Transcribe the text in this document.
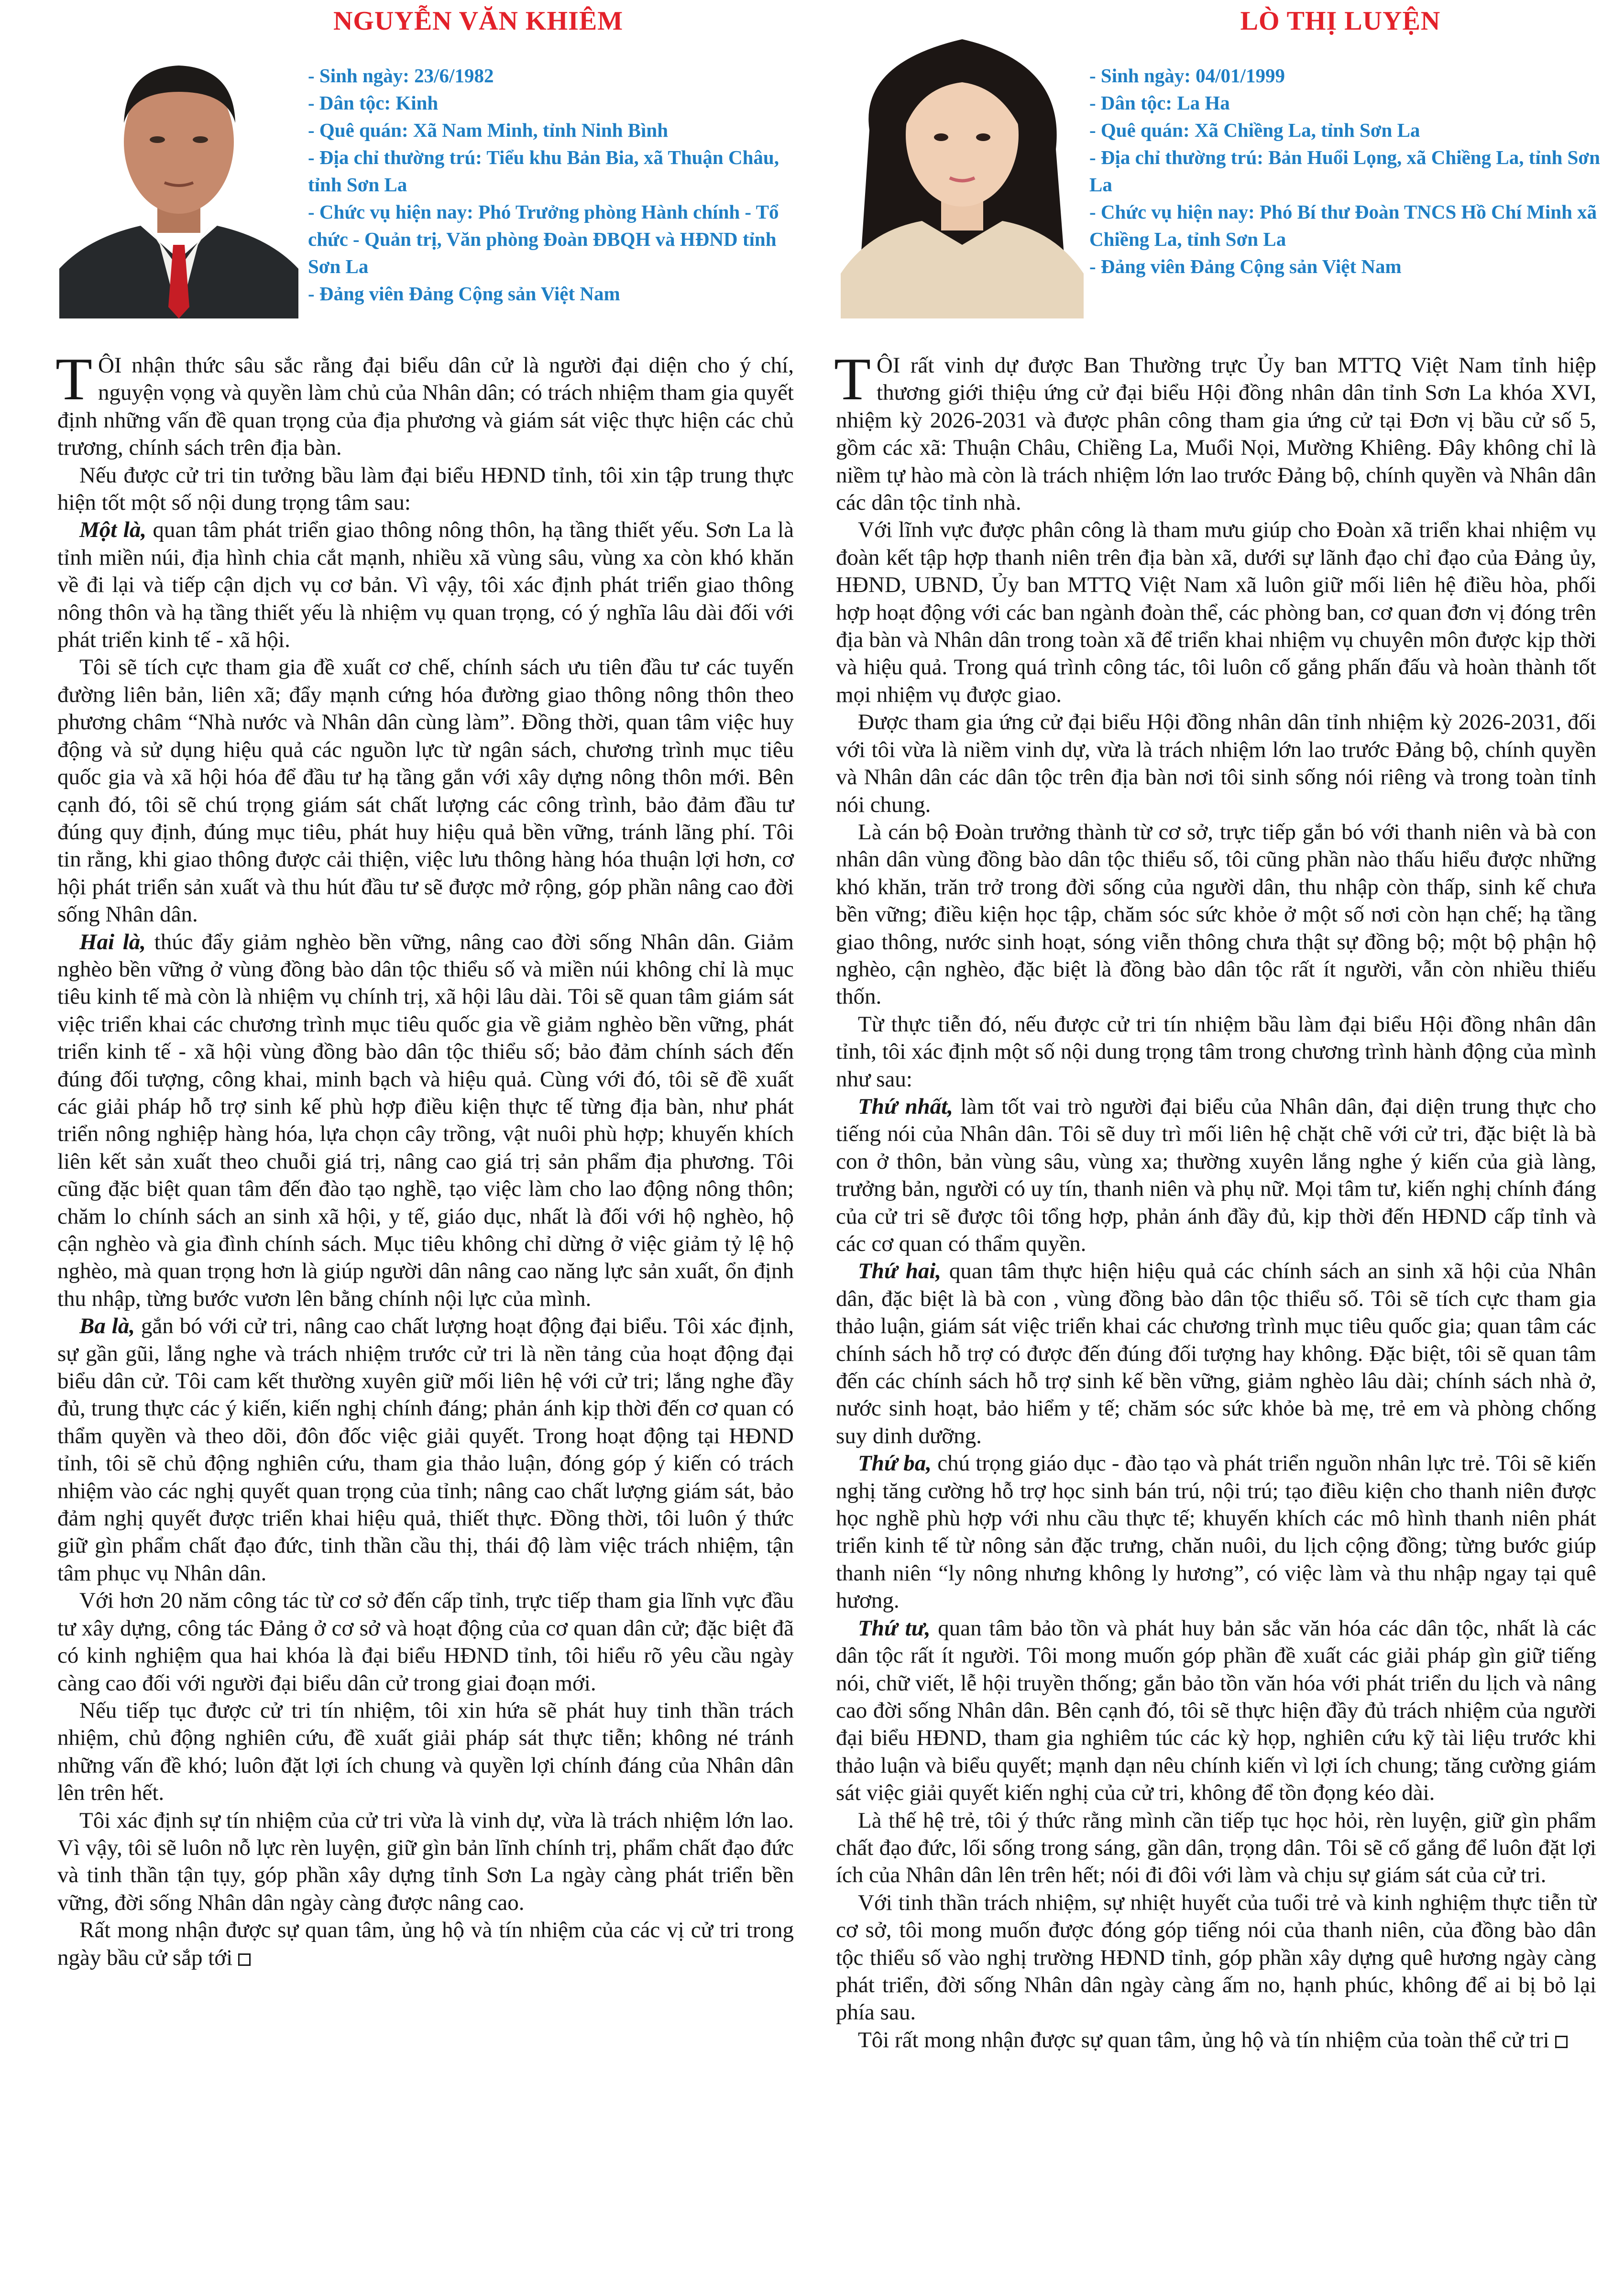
NGUYỄN VĂN KHIÊM
- Sinh ngày: 23/6/1982
- Dân tộc: Kinh
- Quê quán: Xã Nam Minh, tỉnh Ninh Bình
- Địa chỉ thường trú: Tiểu khu Bản Bia, xã Thuận Châu, tỉnh Sơn La
- Chức vụ hiện nay: Phó Trưởng phòng Hành chính - Tổ chức - Quản trị, Văn phòng Đoàn ĐBQH và HĐND tỉnh Sơn La
- Đảng viên Đảng Cộng sản Việt Nam
LÒ THỊ LUYỆN
- Sinh ngày: 04/01/1999
- Dân tộc: La Ha
- Quê quán: Xã Chiềng La, tỉnh Sơn La
- Địa chỉ thường trú: Bản Huổi Lọng, xã Chiềng La, tỉnh Sơn La
- Chức vụ hiện nay: Phó Bí thư Đoàn TNCS Hồ Chí Minh xã Chiềng La, tỉnh Sơn La
- Đảng viên Đảng Cộng sản Việt Nam

TÔI nhận thức sâu sắc rằng đại biểu dân cử là người đại diện cho ý chí, nguyện vọng và quyền làm chủ của Nhân dân; có trách nhiệm tham gia quyết định những vấn đề quan trọng của địa phương và giám sát việc thực hiện các chủ trương, chính sách trên địa bàn.

Nếu được cử tri tin tưởng bầu làm đại biểu HĐND tỉnh, tôi xin tập trung thực hiện tốt một số nội dung trọng tâm sau:

Một là, quan tâm phát triển giao thông nông thôn, hạ tầng thiết yếu. Sơn La là tỉnh miền núi, địa hình chia cắt mạnh, nhiều xã vùng sâu, vùng xa còn khó khăn về đi lại và tiếp cận dịch vụ cơ bản. Vì vậy, tôi xác định phát triển giao thông nông thôn và hạ tầng thiết yếu là nhiệm vụ quan trọng, có ý nghĩa lâu dài đối với phát triển kinh tế - xã hội.

Tôi sẽ tích cực tham gia đề xuất cơ chế, chính sách ưu tiên đầu tư các tuyến đường liên bản, liên xã; đẩy mạnh cứng hóa đường giao thông nông thôn theo phương châm “Nhà nước và Nhân dân cùng làm”. Đồng thời, quan tâm việc huy động và sử dụng hiệu quả các nguồn lực từ ngân sách, chương trình mục tiêu quốc gia và xã hội hóa để đầu tư hạ tầng gắn với xây dựng nông thôn mới. Bên cạnh đó, tôi sẽ chú trọng giám sát chất lượng các công trình, bảo đảm đầu tư đúng quy định, đúng mục tiêu, phát huy hiệu quả bền vững, tránh lãng phí. Tôi tin rằng, khi giao thông được cải thiện, việc lưu thông hàng hóa thuận lợi hơn, cơ hội phát triển sản xuất và thu hút đầu tư sẽ được mở rộng, góp phần nâng cao đời sống Nhân dân.

Hai là, thúc đẩy giảm nghèo bền vững, nâng cao đời sống Nhân dân. Giảm nghèo bền vững ở vùng đồng bào dân tộc thiểu số và miền núi không chỉ là mục tiêu kinh tế mà còn là nhiệm vụ chính trị, xã hội lâu dài. Tôi sẽ quan tâm giám sát việc triển khai các chương trình mục tiêu quốc gia về giảm nghèo bền vững, phát triển kinh tế - xã hội vùng đồng bào dân tộc thiểu số; bảo đảm chính sách đến đúng đối tượng, công khai, minh bạch và hiệu quả. Cùng với đó, tôi sẽ đề xuất các giải pháp hỗ trợ sinh kế phù hợp điều kiện thực tế từng địa bàn, như phát triển nông nghiệp hàng hóa, lựa chọn cây trồng, vật nuôi phù hợp; khuyến khích liên kết sản xuất theo chuỗi giá trị, nâng cao giá trị sản phẩm địa phương. Tôi cũng đặc biệt quan tâm đến đào tạo nghề, tạo việc làm cho lao động nông thôn; chăm lo chính sách an sinh xã hội, y tế, giáo dục, nhất là đối với hộ nghèo, hộ cận nghèo và gia đình chính sách. Mục tiêu không chỉ dừng ở việc giảm tỷ lệ hộ nghèo, mà quan trọng hơn là giúp người dân nâng cao năng lực sản xuất, ổn định thu nhập, từng bước vươn lên bằng chính nội lực của mình.

Ba là, gắn bó với cử tri, nâng cao chất lượng hoạt động đại biểu. Tôi xác định, sự gần gũi, lắng nghe và trách nhiệm trước cử tri là nền tảng của hoạt động đại biểu dân cử. Tôi cam kết thường xuyên giữ mối liên hệ với cử tri; lắng nghe đầy đủ, trung thực các ý kiến, kiến nghị chính đáng; phản ánh kịp thời đến cơ quan có thẩm quyền và theo dõi, đôn đốc việc giải quyết. Trong hoạt động tại HĐND tỉnh, tôi sẽ chủ động nghiên cứu, tham gia thảo luận, đóng góp ý kiến có trách nhiệm vào các nghị quyết quan trọng của tỉnh; nâng cao chất lượng giám sát, bảo đảm nghị quyết được triển khai hiệu quả, thiết thực. Đồng thời, tôi luôn ý thức giữ gìn phẩm chất đạo đức, tinh thần cầu thị, thái độ làm việc trách nhiệm, tận tâm phục vụ Nhân dân.

Với hơn 20 năm công tác từ cơ sở đến cấp tỉnh, trực tiếp tham gia lĩnh vực đầu tư xây dựng, công tác Đảng ở cơ sở và hoạt động của cơ quan dân cử; đặc biệt đã có kinh nghiệm qua hai khóa là đại biểu HĐND tỉnh, tôi hiểu rõ yêu cầu ngày càng cao đối với người đại biểu dân cử trong giai đoạn mới.

Nếu tiếp tục được cử tri tín nhiệm, tôi xin hứa sẽ phát huy tinh thần trách nhiệm, chủ động nghiên cứu, đề xuất giải pháp sát thực tiễn; không né tránh những vấn đề khó; luôn đặt lợi ích chung và quyền lợi chính đáng của Nhân dân lên trên hết.

Tôi xác định sự tín nhiệm của cử tri vừa là vinh dự, vừa là trách nhiệm lớn lao. Vì vậy, tôi sẽ luôn nỗ lực rèn luyện, giữ gìn bản lĩnh chính trị, phẩm chất đạo đức và tinh thần tận tụy, góp phần xây dựng tỉnh Sơn La ngày càng phát triển bền vững, đời sống Nhân dân ngày càng được nâng cao.

Rất mong nhận được sự quan tâm, ủng hộ và tín nhiệm của các vị cử tri trong ngày bầu cử sắp tới

TÔI rất vinh dự được Ban Thường trực Ủy ban MTTQ Việt Nam tỉnh hiệp thương giới thiệu ứng cử đại biểu Hội đồng nhân dân tỉnh Sơn La khóa XVI, nhiệm kỳ 2026-2031 và được phân công tham gia ứng cử tại Đơn vị bầu cử số 5, gồm các xã: Thuận Châu, Chiềng La, Muổi Nọi, Mường Khiêng. Đây không chỉ là niềm tự hào mà còn là trách nhiệm lớn lao trước Đảng bộ, chính quyền và Nhân dân các dân tộc tỉnh nhà.

Với lĩnh vực được phân công là tham mưu giúp cho Đoàn xã triển khai nhiệm vụ đoàn kết tập hợp thanh niên trên địa bàn xã, dưới sự lãnh đạo chỉ đạo của Đảng ủy, HĐND, UBND, Ủy ban MTTQ Việt Nam xã luôn giữ mối liên hệ điều hòa, phối hợp hoạt động với các ban ngành đoàn thể, các phòng ban, cơ quan đơn vị đóng trên địa bàn và Nhân dân trong toàn xã để triển khai nhiệm vụ chuyên môn được kịp thời và hiệu quả. Trong quá trình công tác, tôi luôn cố gắng phấn đấu và hoàn thành tốt mọi nhiệm vụ được giao.

Được tham gia ứng cử đại biểu Hội đồng nhân dân tỉnh nhiệm kỳ 2026-2031, đối với tôi vừa là niềm vinh dự, vừa là trách nhiệm lớn lao trước Đảng bộ, chính quyền và Nhân dân các dân tộc trên địa bàn nơi tôi sinh sống nói riêng và trong toàn tỉnh nói chung.

Là cán bộ Đoàn trưởng thành từ cơ sở, trực tiếp gắn bó với thanh niên và bà con nhân dân vùng đồng bào dân tộc thiểu số, tôi cũng phần nào thấu hiểu được những khó khăn, trăn trở trong đời sống của người dân, thu nhập còn thấp, sinh kế chưa bền vững; điều kiện học tập, chăm sóc sức khỏe ở một số nơi còn hạn chế; hạ tầng giao thông, nước sinh hoạt, sóng viễn thông chưa thật sự đồng bộ; một bộ phận hộ nghèo, cận nghèo, đặc biệt là đồng bào dân tộc rất ít người, vẫn còn nhiều thiếu thốn.

Từ thực tiễn đó, nếu được cử tri tín nhiệm bầu làm đại biểu Hội đồng nhân dân tỉnh, tôi xác định một số nội dung trọng tâm trong chương trình hành động của mình như sau:

Thứ nhất, làm tốt vai trò người đại biểu của Nhân dân, đại diện trung thực cho tiếng nói của Nhân dân. Tôi sẽ duy trì mối liên hệ chặt chẽ với cử tri, đặc biệt là bà con ở thôn, bản vùng sâu, vùng xa; thường xuyên lắng nghe ý kiến của già làng, trưởng bản, người có uy tín, thanh niên và phụ nữ. Mọi tâm tư, kiến nghị chính đáng của cử tri sẽ được tôi tổng hợp, phản ánh đầy đủ, kịp thời đến HĐND cấp tỉnh và các cơ quan có thẩm quyền.

Thứ hai, quan tâm thực hiện hiệu quả các chính sách an sinh xã hội của Nhân dân, đặc biệt là bà con , vùng đồng bào dân tộc thiểu số. Tôi sẽ tích cực tham gia thảo luận, giám sát việc triển khai các chương trình mục tiêu quốc gia; quan tâm các chính sách hỗ trợ có được đến đúng đối tượng hay không. Đặc biệt, tôi sẽ quan tâm đến các chính sách hỗ trợ sinh kế bền vững, giảm nghèo lâu dài; chính sách nhà ở, nước sinh hoạt, bảo hiểm y tế; chăm sóc sức khỏe bà mẹ, trẻ em và phòng chống suy dinh dưỡng.

Thứ ba, chú trọng giáo dục - đào tạo và phát triển nguồn nhân lực trẻ. Tôi sẽ kiến nghị tăng cường hỗ trợ học sinh bán trú, nội trú; tạo điều kiện cho thanh niên được học nghề phù hợp với nhu cầu thực tế; khuyến khích các mô hình thanh niên phát triển kinh tế từ nông sản đặc trưng, chăn nuôi, du lịch cộng đồng; từng bước giúp thanh niên “ly nông nhưng không ly hương”, có việc làm và thu nhập ngay tại quê hương.

Thứ tư, quan tâm bảo tồn và phát huy bản sắc văn hóa các dân tộc, nhất là các dân tộc rất ít người. Tôi mong muốn góp phần đề xuất các giải pháp gìn giữ tiếng nói, chữ viết, lễ hội truyền thống; gắn bảo tồn văn hóa với phát triển du lịch và nâng cao đời sống Nhân dân. Bên cạnh đó, tôi sẽ thực hiện đầy đủ trách nhiệm của người đại biểu HĐND, tham gia nghiêm túc các kỳ họp, nghiên cứu kỹ tài liệu trước khi thảo luận và biểu quyết; mạnh dạn nêu chính kiến vì lợi ích chung; tăng cường giám sát việc giải quyết kiến nghị của cử tri, không để tồn đọng kéo dài.

Là thế hệ trẻ, tôi ý thức rằng mình cần tiếp tục học hỏi, rèn luyện, giữ gìn phẩm chất đạo đức, lối sống trong sáng, gần dân, trọng dân. Tôi sẽ cố gắng để luôn đặt lợi ích của Nhân dân lên trên hết; nói đi đôi với làm và chịu sự giám sát của cử tri.

Với tinh thần trách nhiệm, sự nhiệt huyết của tuổi trẻ và kinh nghiệm thực tiễn từ cơ sở, tôi mong muốn được đóng góp tiếng nói của thanh niên, của đồng bào dân tộc thiểu số vào nghị trường HĐND tỉnh, góp phần xây dựng quê hương ngày càng phát triển, đời sống Nhân dân ngày càng ấm no, hạnh phúc, không để ai bị bỏ lại phía sau.

Tôi rất mong nhận được sự quan tâm, ủng hộ và tín nhiệm của toàn thể cử tri
